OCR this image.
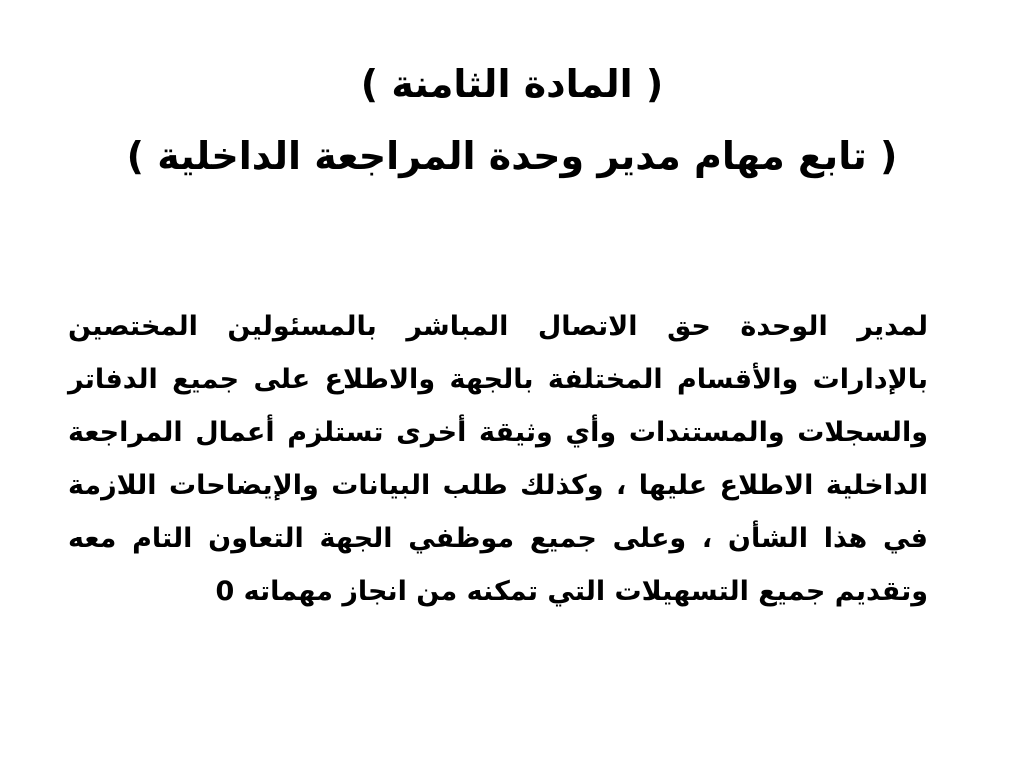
( المادة الثامنة )
( تابع مهام مدير وحدة المراجعة الداخلية )
لمدير الوحدة حق الاتصال المباشر بالمسئولين المختصين بالإدارات والأقسام المختلفة بالجهة والاطلاع على جميع الدفاتر والسجلات والمستندات وأي وثيقة أخرى تستلزم أعمال المراجعة الداخلية الاطلاع عليها ، وكذلك طلب البيانات والإيضاحات اللازمة في هذا الشأن ، وعلى جميع موظفي الجهة التعاون التام معه وتقديم جميع التسهيلات التي تمكنه من انجاز مهماته 0
